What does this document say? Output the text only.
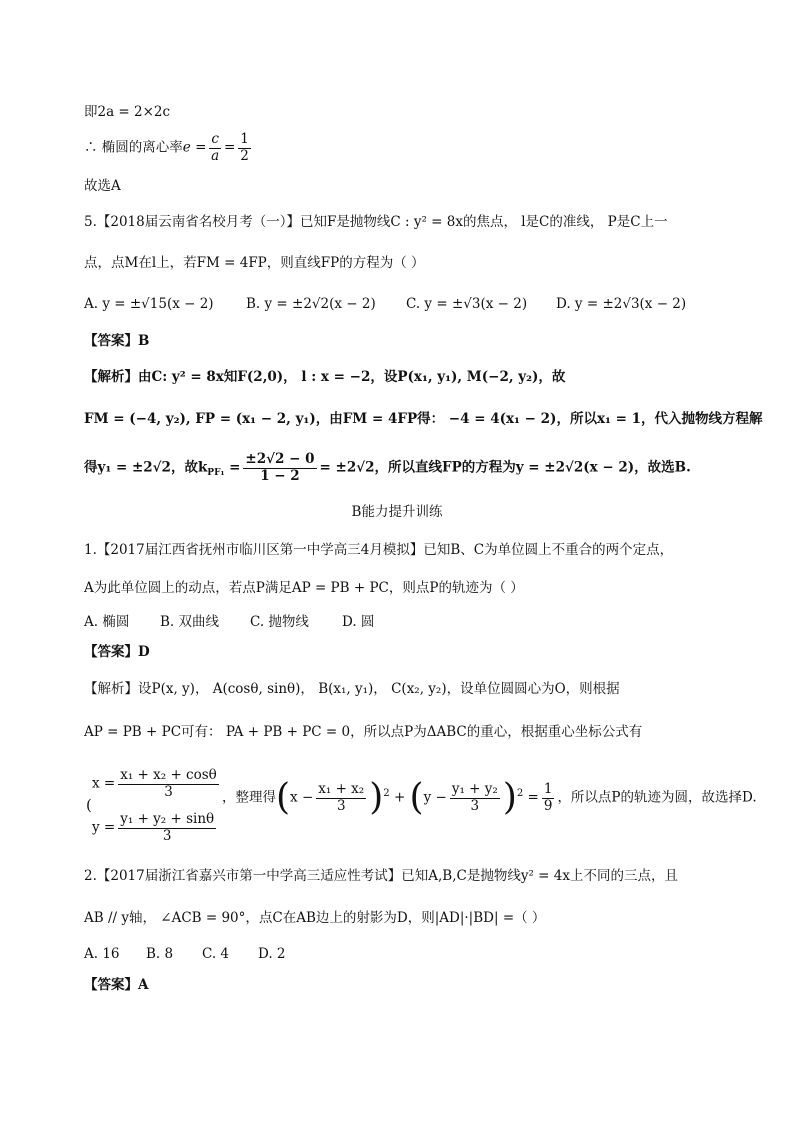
即2a = 2×2c
∴ 椭圆的离心率$e = \frac{c}{a} = \frac{1}{2}$
故选A
5.【2018届云南省名校月考（一）】已知F是抛物线C : y² = 8x的焦点， l是C的准线， P是C上一
点，点M在l上，若FM = 4FP，则直线FP的方程为（ ）
A. y = ±√15(x − 2) B. y = ±2√2(x − 2) C. y = ±√3(x − 2) D. y = ±2√3(x − 2)
【答案】B
【解析】由C: y² = 8x知F(2,0)， l : x = −2，设P(x₁, y₁), M(−2, y₂)，故
FM = (−4, y₂), FP = (x₁ − 2, y₁)，由FM = 4FP得： −4 = 4(x₁ − 2)，所以x₁ = 1，代入抛物线方程解
得y₁ = ±2√2，故$k_{PF_1} = \frac{\pm 2√2 - 0}{1 - 2} = \pm 2√2$，所以直线FP的方程为y = ±2√2(x − 2)，故选B.
B能力提升训练
1.【2017届江西省抚州市临川区第一中学高三4月模拟】已知B、C为单位圆上不重合的两个定点，
A为此单位圆上的动点，若点P满足AP = PB + PC，则点P的轨迹为（ ）
A. 椭圆 B. 双曲线 C. 抛物线 D. 圆
【答案】D
【解析】设P(x, y)， A(cosθ, sinθ)， B(x₁, y₁)， C(x₂, y₂)，设单位圆圆心为O，则根据
AP = PB + PC可有： PA + PB + PC = 0，所以点P为ΔABC的重心，根据重心坐标公式有
(
$x = \frac{\text{x₁ + x₂ + cosθ}}{3}$
$y = \frac{\text{y₁ + y₂ + sinθ}}{3}$
，整理得$(x - \frac{\text{x₁ + x₂}}{3} )^2 + (y - \frac{\text{y₁ + y₂}}{3} )^2 = \frac{1}{9}$ ，所以点P的轨迹为圆，故选择D.
2.【2017届浙江省嘉兴市第一中学高三适应性考试】已知A,B,C是抛物线y² = 4x上不同的三点，且
AB // y轴， ∠ACB = 90°，点C在AB边上的射影为D，则|AD|·|BD| =（ ）
A. 16 B. 8 C. 4 D. 2
【答案】A
